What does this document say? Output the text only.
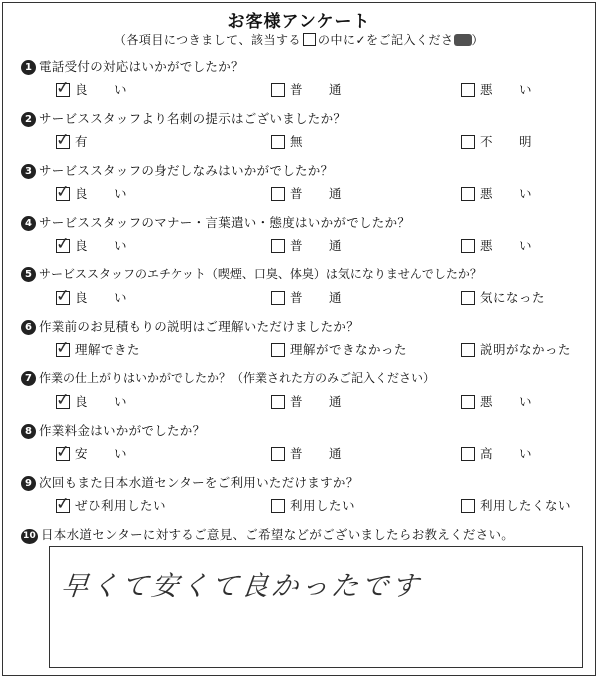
お客様アンケート
（各項目につきまして、該当する の中に✓をご記入くださ ）
1 電話受付の対応はいかがでしたか？
✓ 良　　い	普　　通	悪　　い
2 サービススタッフより名刺の提示はございましたか？
✓ 有	無	不　　明
3 サービススタッフの身だしなみはいかがでしたか？
✓ 良　　い	普　　通	悪　　い
4 サービススタッフのマナー・言葉遣い・態度はいかがでしたか？
✓ 良　　い	普　　通	悪　　い
5 サービススタッフのエチケット（喫煙、口臭、体臭）は気になりませんでしたか？
✓ 良　　い	普　　通	気になった
6 作業前のお見積もりの説明はご理解いただけましたか？
✓ 理解できた	理解ができなかった	説明がなかった
7 作業の仕上がりはいかがでしたか？（作業された方のみご記入ください）
✓ 良　　い	普　　通	悪　　い
8 作業料金はいかがでしたか？
✓ 安　　い	普　　通	高　　い
9 次回もまた日本水道センターをご利用いただけますか？
✓ ぜひ利用したい	利用したい	利用したくない
10 日本水道センターに対するご意見、ご希望などがございましたらお教えください。
早くて安くて良かったです
